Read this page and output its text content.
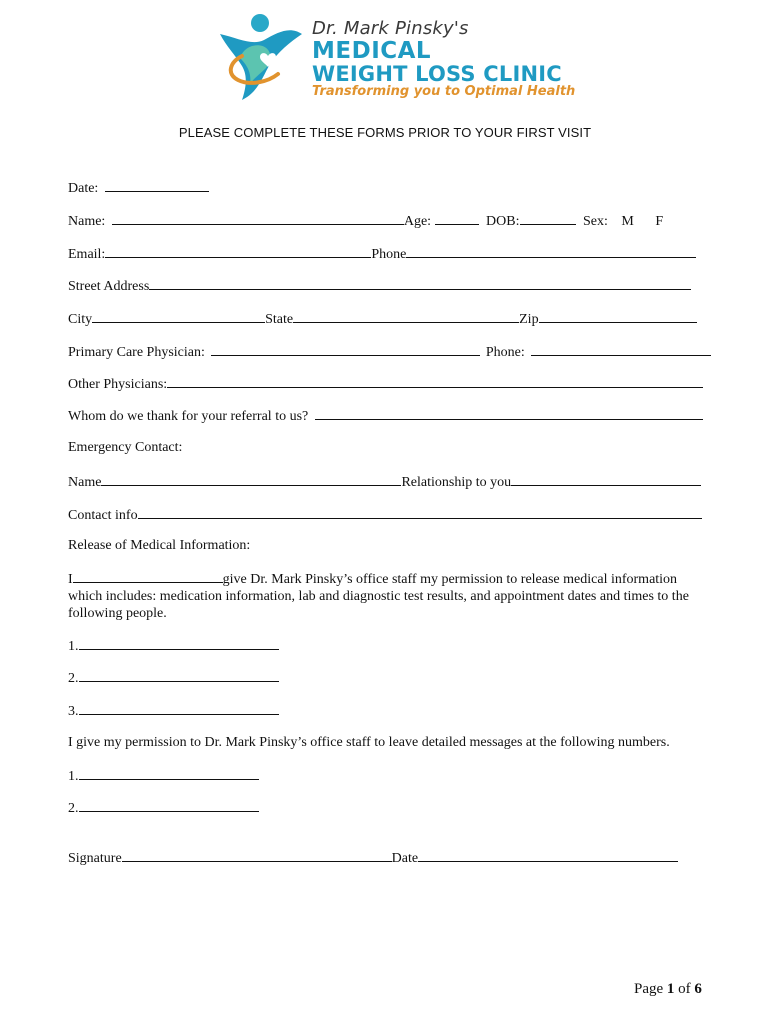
Dr. Mark Pinsky's
MEDICAL
WEIGHT LOSS CLINIC
Transforming you to Optimal Health
PLEASE COMPLETE THESE FORMS PRIOR TO YOUR FIRST VISIT
Date:
Name:	Age:	DOB:	Sex: M F
Email:	Phone
Street Address
City	State	Zip
Primary Care Physician:	Phone:
Other Physicians:
Whom do we thank for your referral to us?
Emergency Contact:
Name	Relationship to you
Contact info
Release of Medical Information:
I	give Dr. Mark Pinsky’s office staff my permission to release medical information which includes: medication information, lab and diagnostic test results, and appointment dates and times to the following people.
1.
2.
3.
I give my permission to Dr. Mark Pinsky’s office staff to leave detailed messages at the following numbers.
1.
2.
Signature	Date
Page 1 of 6
